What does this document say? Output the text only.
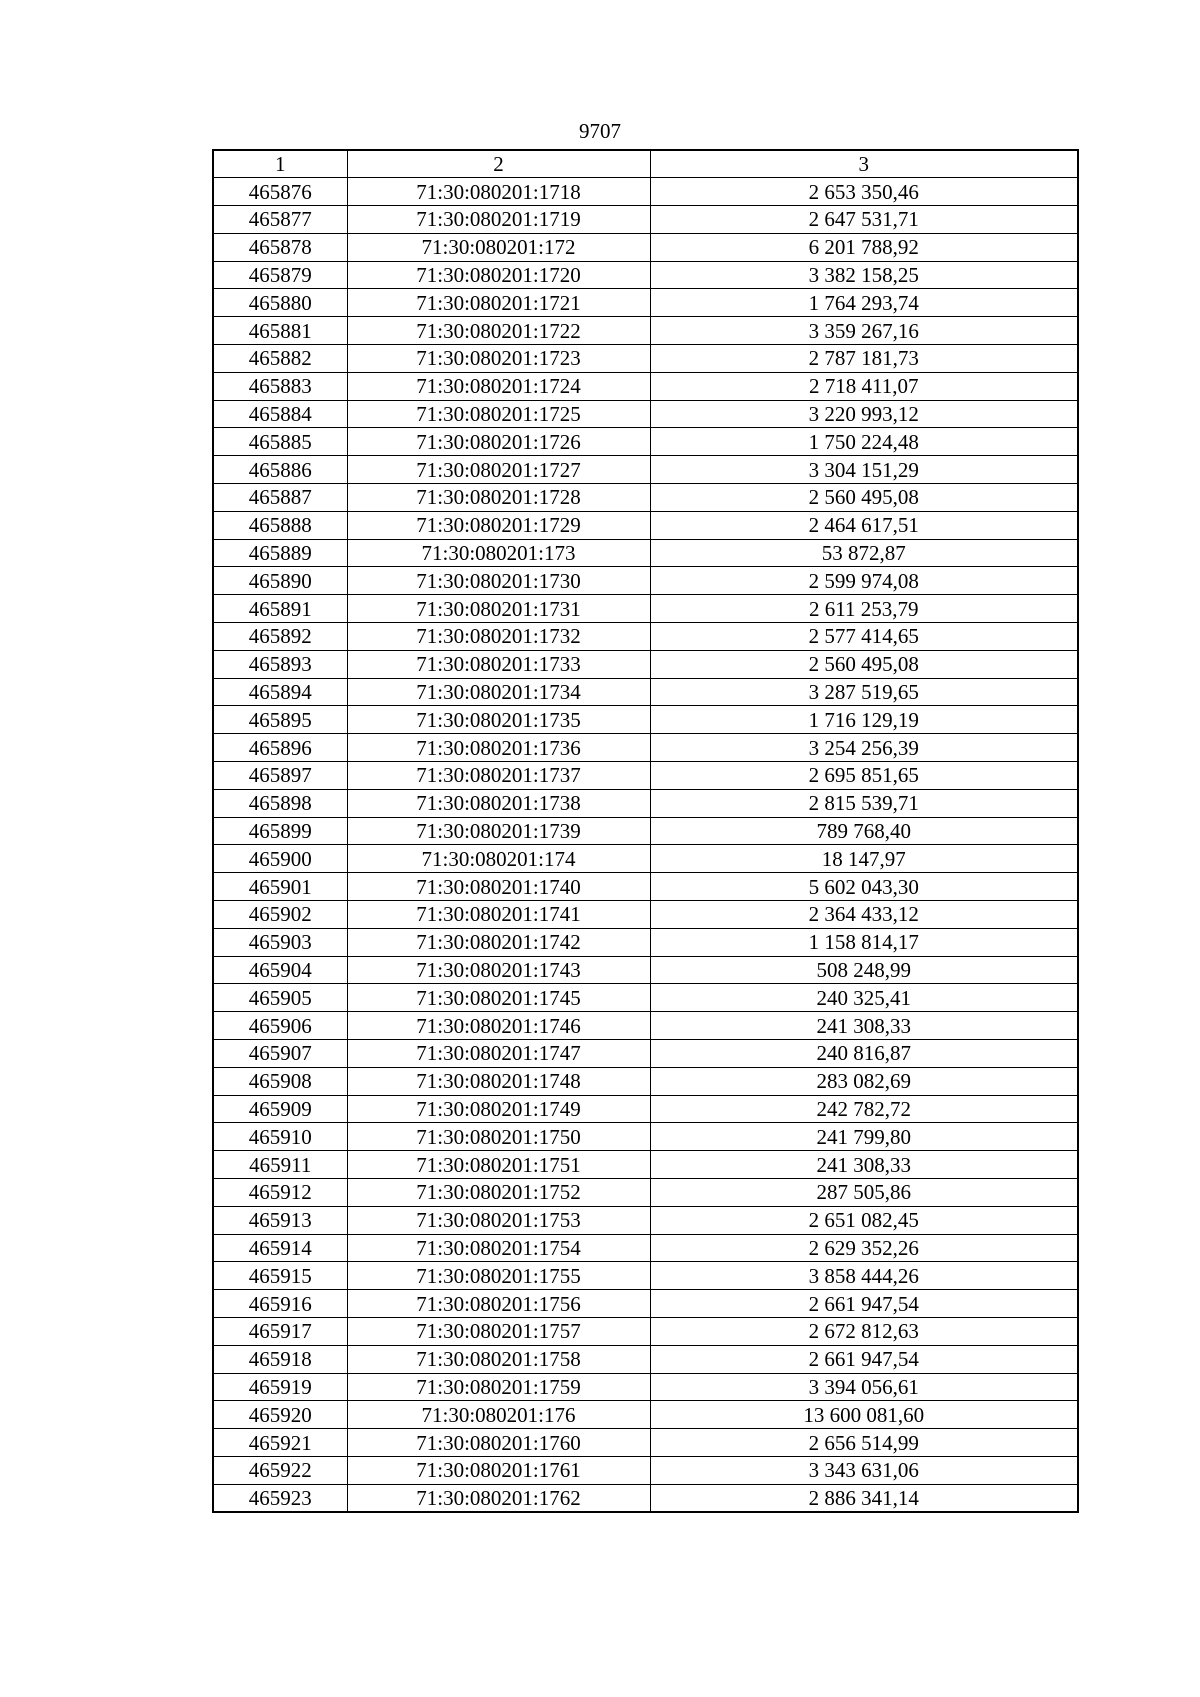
9707
1	2	3
465876	71:30:080201:1718	2 653 350,46
465877	71:30:080201:1719	2 647 531,71
465878	71:30:080201:172	6 201 788,92
465879	71:30:080201:1720	3 382 158,25
465880	71:30:080201:1721	1 764 293,74
465881	71:30:080201:1722	3 359 267,16
465882	71:30:080201:1723	2 787 181,73
465883	71:30:080201:1724	2 718 411,07
465884	71:30:080201:1725	3 220 993,12
465885	71:30:080201:1726	1 750 224,48
465886	71:30:080201:1727	3 304 151,29
465887	71:30:080201:1728	2 560 495,08
465888	71:30:080201:1729	2 464 617,51
465889	71:30:080201:173	53 872,87
465890	71:30:080201:1730	2 599 974,08
465891	71:30:080201:1731	2 611 253,79
465892	71:30:080201:1732	2 577 414,65
465893	71:30:080201:1733	2 560 495,08
465894	71:30:080201:1734	3 287 519,65
465895	71:30:080201:1735	1 716 129,19
465896	71:30:080201:1736	3 254 256,39
465897	71:30:080201:1737	2 695 851,65
465898	71:30:080201:1738	2 815 539,71
465899	71:30:080201:1739	789 768,40
465900	71:30:080201:174	18 147,97
465901	71:30:080201:1740	5 602 043,30
465902	71:30:080201:1741	2 364 433,12
465903	71:30:080201:1742	1 158 814,17
465904	71:30:080201:1743	508 248,99
465905	71:30:080201:1745	240 325,41
465906	71:30:080201:1746	241 308,33
465907	71:30:080201:1747	240 816,87
465908	71:30:080201:1748	283 082,69
465909	71:30:080201:1749	242 782,72
465910	71:30:080201:1750	241 799,80
465911	71:30:080201:1751	241 308,33
465912	71:30:080201:1752	287 505,86
465913	71:30:080201:1753	2 651 082,45
465914	71:30:080201:1754	2 629 352,26
465915	71:30:080201:1755	3 858 444,26
465916	71:30:080201:1756	2 661 947,54
465917	71:30:080201:1757	2 672 812,63
465918	71:30:080201:1758	2 661 947,54
465919	71:30:080201:1759	3 394 056,61
465920	71:30:080201:176	13 600 081,60
465921	71:30:080201:1760	2 656 514,99
465922	71:30:080201:1761	3 343 631,06
465923	71:30:080201:1762	2 886 341,14
